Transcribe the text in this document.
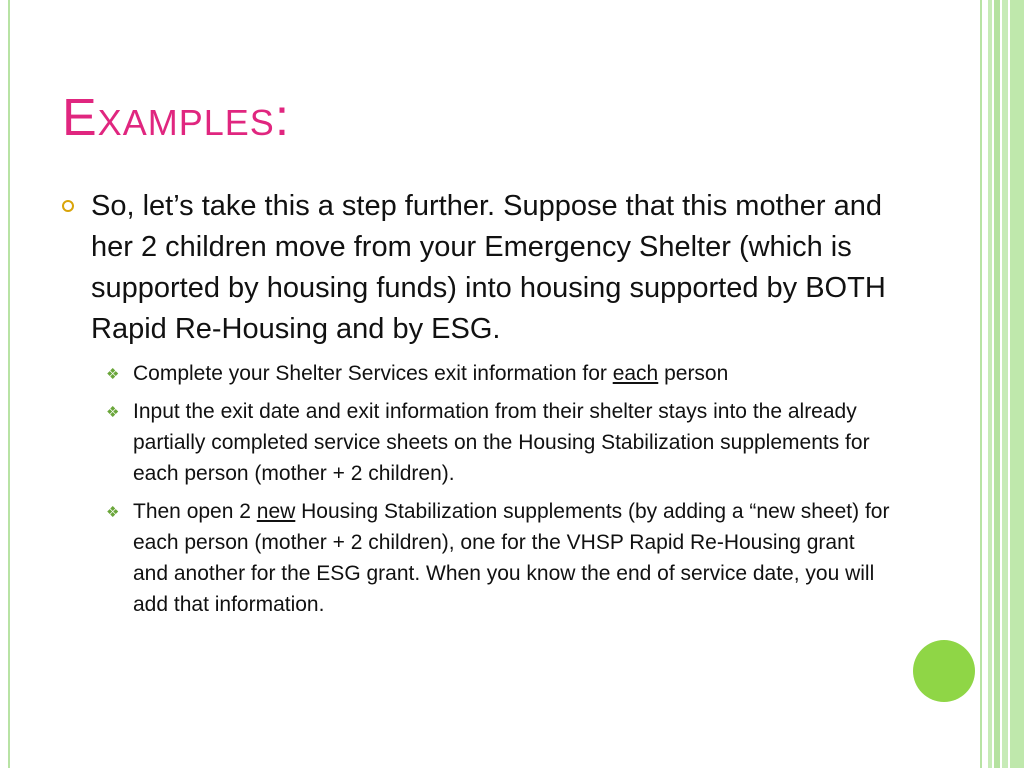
Examples:

So, let’s take this a step further. Suppose that this mother and her 2 children move from your Emergency Shelter (which is supported by housing funds) into housing supported by BOTH Rapid Re-Housing and by ESG.

❖ Complete your Shelter Services exit information for each person
❖ Input the exit date and exit information from their shelter stays into the already partially completed service sheets on the Housing Stabilization supplements for each person (mother + 2 children).
❖ Then open 2 new Housing Stabilization supplements (by adding a “new sheet) for each person (mother + 2 children), one for the VHSP Rapid Re-Housing grant and another for the ESG grant. When you know the end of service date, you will add that information.
